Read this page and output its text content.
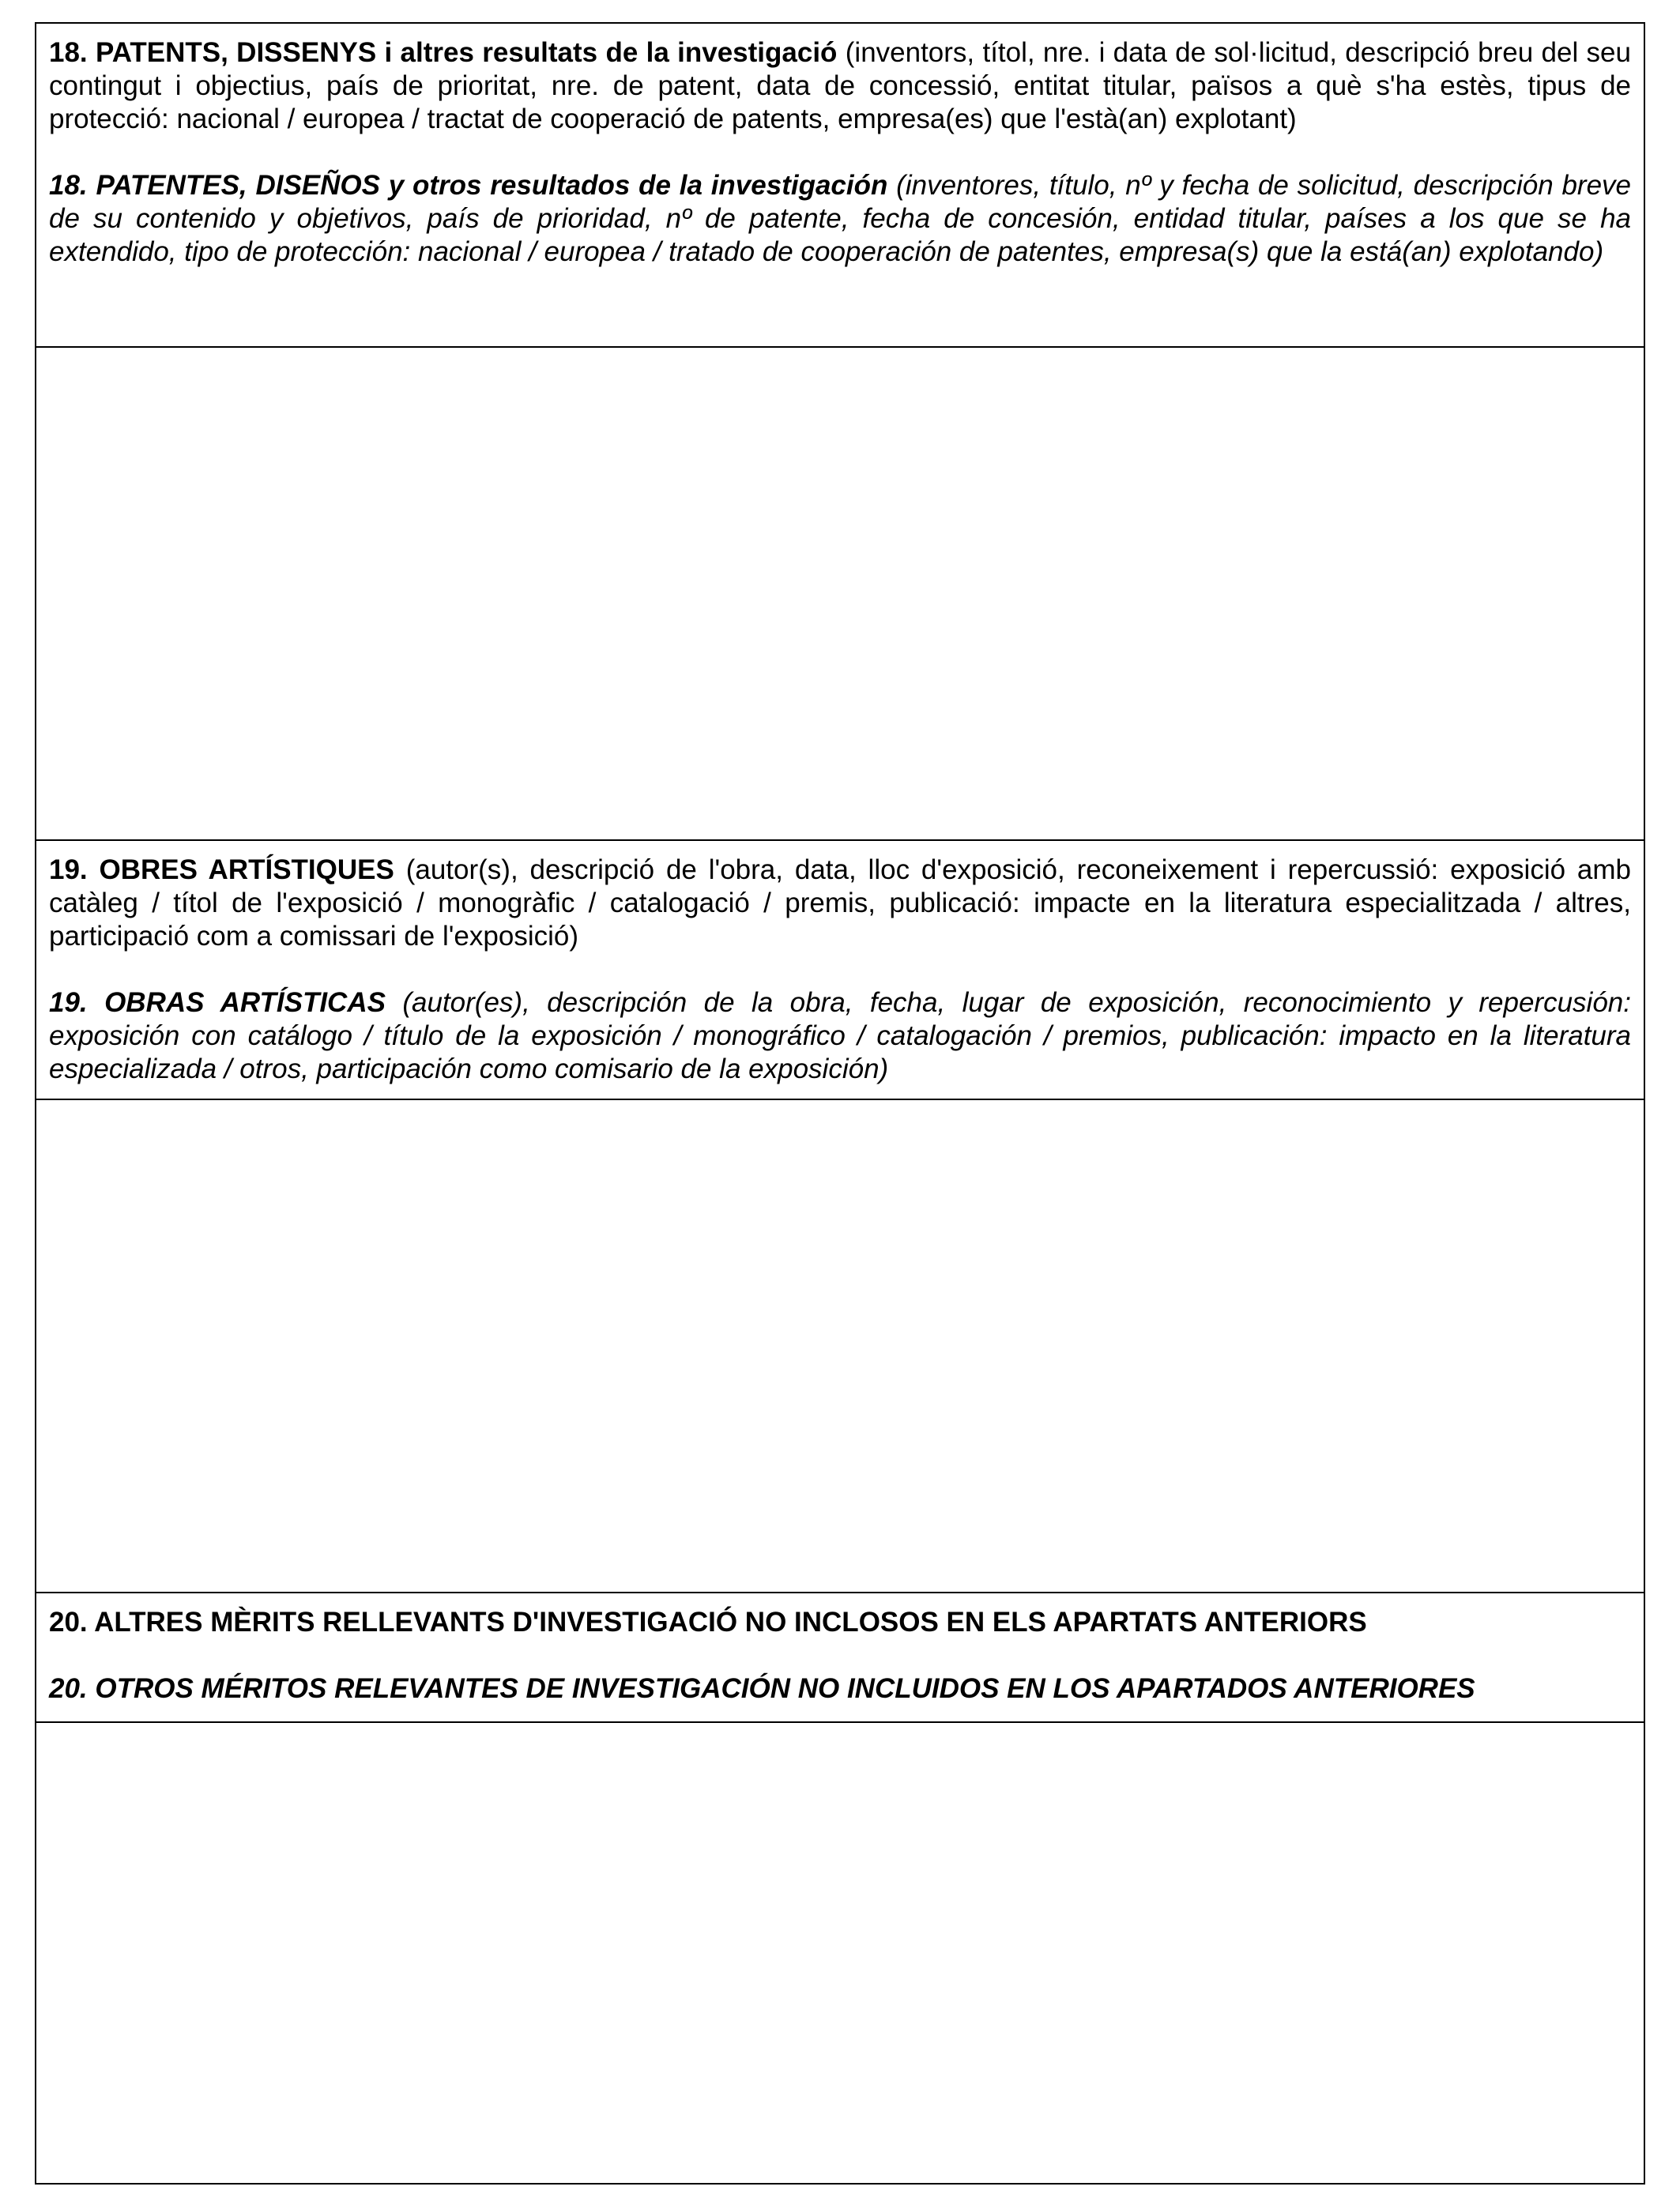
18. PATENTS, DISSENYS i altres resultats de la investigació (inventors, títol, nre. i data de sol·licitud, descripció breu del seu contingut i objectius, país de prioritat, nre. de patent, data de concessió, entitat titular, països a què s'ha estès, tipus de protecció: nacional / europea / tractat de cooperació de patents, empresa(es) que l'està(an) explotant)

18. PATENTES, DISEÑOS y otros resultados de la investigación (inventores, título, nº y fecha de solicitud, descripción breve de su contenido y objetivos, país de prioridad, nº de patente, fecha de concesión, entidad titular, países a los que se ha extendido, tipo de protección: nacional / europea / tratado de cooperación de patentes, empresa(s) que la está(an) explotando)

19. OBRES ARTÍSTIQUES (autor(s), descripció de l'obra, data, lloc d'exposició, reconeixement i repercussió: exposició amb catàleg / títol de l'exposició / monogràfic / catalogació / premis, publicació: impacte en la literatura especialitzada / altres, participació com a comissari de l'exposició)

19. OBRAS ARTÍSTICAS (autor(es), descripción de la obra, fecha, lugar de exposición, reconocimiento y repercusión: exposición con catálogo / título de la exposición / monográfico / catalogación / premios, publicación: impacto en la literatura especializada / otros, participación como comisario de la exposición)

20. ALTRES MÈRITS RELLEVANTS D'INVESTIGACIÓ NO INCLOSOS EN ELS APARTATS ANTERIORS

20. OTROS MÉRITOS RELEVANTES DE INVESTIGACIÓN NO INCLUIDOS EN LOS APARTADOS ANTERIORES
